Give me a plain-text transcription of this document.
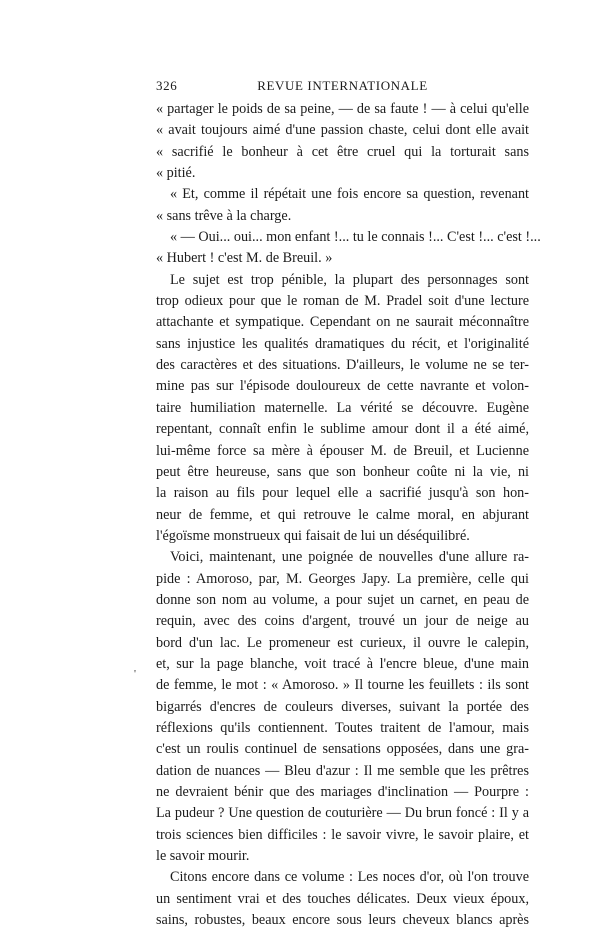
326	REVUE INTERNATIONALE
« partager le poids de sa peine, — de sa faute ! — à celui qu'elle
« avait toujours aimé d'une passion chaste, celui dont elle avait
« sacrifié le bonheur à cet être cruel qui la torturait sans
« pitié.
« Et, comme il répétait une fois encore sa question, revenant
« sans trêve à la charge.
« — Oui... oui... mon enfant !... tu le connais !... C'est !... c'est !...
« Hubert ! c'est M. de Breuil. »
Le sujet est trop pénible, la plupart des personnages sont
trop odieux pour que le roman de M. Pradel soit d'une lecture
attachante et sympatique. Cependant on ne saurait méconnaître
sans injustice les qualités dramatiques du récit, et l'originalité
des caractères et des situations. D'ailleurs, le volume ne se ter-
mine pas sur l'épisode douloureux de cette navrante et volon-
taire humiliation maternelle. La vérité se découvre. Eugène
repentant, connaît enfin le sublime amour dont il a été aimé,
lui-même force sa mère à épouser M. de Breuil, et Lucienne
peut être heureuse, sans que son bonheur coûte ni la vie, ni
la raison au fils pour lequel elle a sacrifié jusqu'à son hon-
neur de femme, et qui retrouve le calme moral, en abjurant
l'égoïsme monstrueux qui faisait de lui un déséquilibré.
Voici, maintenant, une poignée de nouvelles d'une allure ra-
pide : Amoroso, par, M. Georges Japy. La première, celle qui
donne son nom au volume, a pour sujet un carnet, en peau de
requin, avec des coins d'argent, trouvé un jour de neige au
bord d'un lac. Le promeneur est curieux, il ouvre le calepin,
et, sur la page blanche, voit tracé à l'encre bleue, d'une main
de femme, le mot : « Amoroso. » Il tourne les feuillets : ils sont
bigarrés d'encres de couleurs diverses, suivant la portée des
réflexions qu'ils contiennent. Toutes traitent de l'amour, mais
c'est un roulis continuel de sensations opposées, dans une gra-
dation de nuances — Bleu d'azur : Il me semble que les prêtres
ne devraient bénir que des mariages d'inclination — Pourpre :
La pudeur ? Une question de couturière — Du brun foncé : Il y a
trois sciences bien difficiles : le savoir vivre, le savoir plaire, et
le savoir mourir.
Citons encore dans ce volume : Les noces d'or, où l'on trouve
un sentiment vrai et des touches délicates. Deux vieux époux,
sains, robustes, beaux encore sous leurs cheveux blancs après
'
